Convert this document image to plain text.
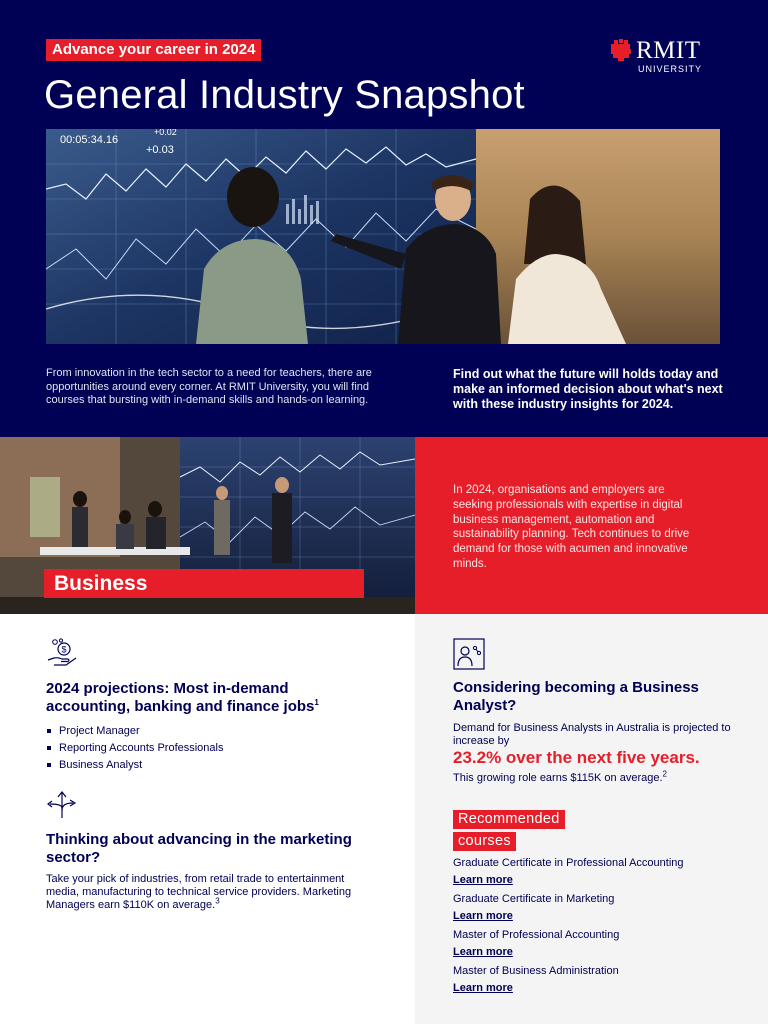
Advance your career in 2024
General Industry Snapshot
RMIT
UNIVERSITY
00:05:34.16
+0.03
+0.02

From innovation in the tech sector to a need for teachers, there are opportunities around every corner. At RMIT University, you will find courses that bursting with in-demand skills and hands-on learning.

Find out what the future will holds today and make an informed decision about what's next with these industry insights for 2024.

Business

In 2024, organisations and employers are seeking professionals with expertise in digital business management, automation and sustainability planning. Tech continues to drive demand for those with acumen and innovative minds.

$
2024 projections: Most in-demand accounting, banking and finance jobs$^1$
Project Manager
Reporting Accounts Professionals
Business Analyst
Thinking about advancing in the marketing sector?

Take your pick of industries, from retail trade to entertainment media, manufacturing to technical service providers. Marketing Managers earn $110K on average.$^3$

Considering becoming a Business Analyst?

Demand for Business Analysts in Australia is projected to increase by

23.2% over the next five years.

This growing role earns $115K on average.$^2$

Recommended
courses
Graduate Certificate in Professional Accounting
Learn more
Graduate Certificate in Marketing
Learn more
Master of Professional Accounting
Learn more
Master of Business Administration
Learn more
